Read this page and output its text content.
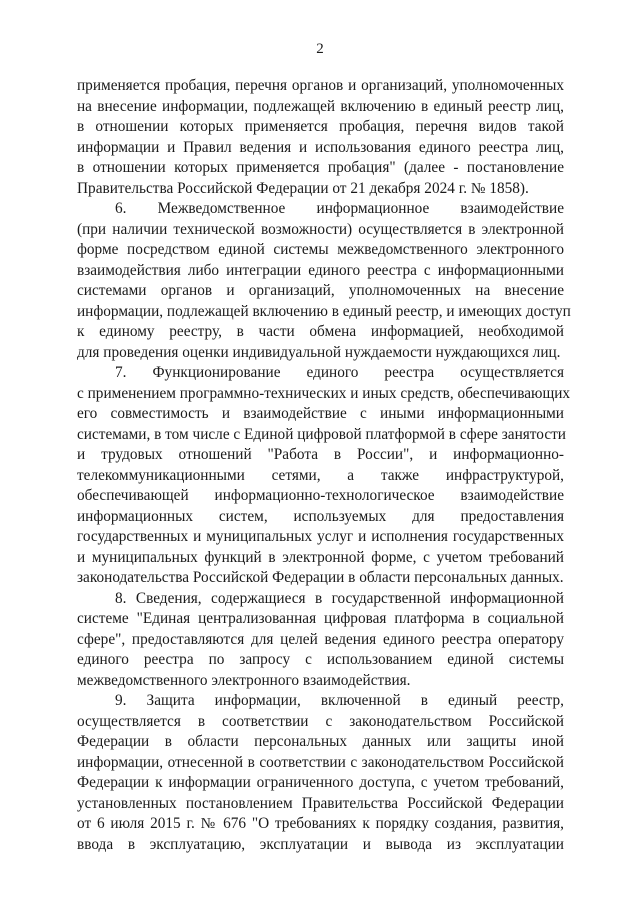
2
применяется пробация, перечня органов и организаций, уполномоченных
на внесение информации, подлежащей включению в единый реестр лиц,
в отношении которых применяется пробация, перечня видов такой
информации и Правил ведения и использования единого реестра лиц,
в отношении которых применяется пробация" (далее - постановление
Правительства Российской Федерации от 21 декабря 2024 г. № 1858).
6. Межведомственное информационное взаимодействие
(при наличии технической возможности) осуществляется в электронной
форме посредством единой системы межведомственного электронного
взаимодействия либо интеграции единого реестра с информационными
системами органов и организаций, уполномоченных на внесение
информации, подлежащей включению в единый реестр, и имеющих доступ
к единому реестру, в части обмена информацией, необходимой
для проведения оценки индивидуальной нуждаемости нуждающихся лиц.
7. Функционирование единого реестра осуществляется
с применением программно-технических и иных средств, обеспечивающих
его совместимость и взаимодействие с иными информационными
системами, в том числе с Единой цифровой платформой в сфере занятости
и трудовых отношений "Работа в России", и информационно-
телекоммуникационными сетями, а также инфраструктурой,
обеспечивающей информационно-технологическое взаимодействие
информационных систем, используемых для предоставления
государственных и муниципальных услуг и исполнения государственных
и муниципальных функций в электронной форме, с учетом требований
законодательства Российской Федерации в области персональных данных.
8. Сведения, содержащиеся в государственной информационной
системе "Единая централизованная цифровая платформа в социальной
сфере", предоставляются для целей ведения единого реестра оператору
единого реестра по запросу с использованием единой системы
межведомственного электронного взаимодействия.
9. Защита информации, включенной в единый реестр,
осуществляется в соответствии с законодательством Российской
Федерации в области персональных данных или защиты иной
информации, отнесенной в соответствии с законодательством Российской
Федерации к информации ограниченного доступа, с учетом требований,
установленных постановлением Правительства Российской Федерации
от 6 июля 2015 г. № 676 "О требованиях к порядку создания, развития,
ввода в эксплуатацию, эксплуатации и вывода из эксплуатации
